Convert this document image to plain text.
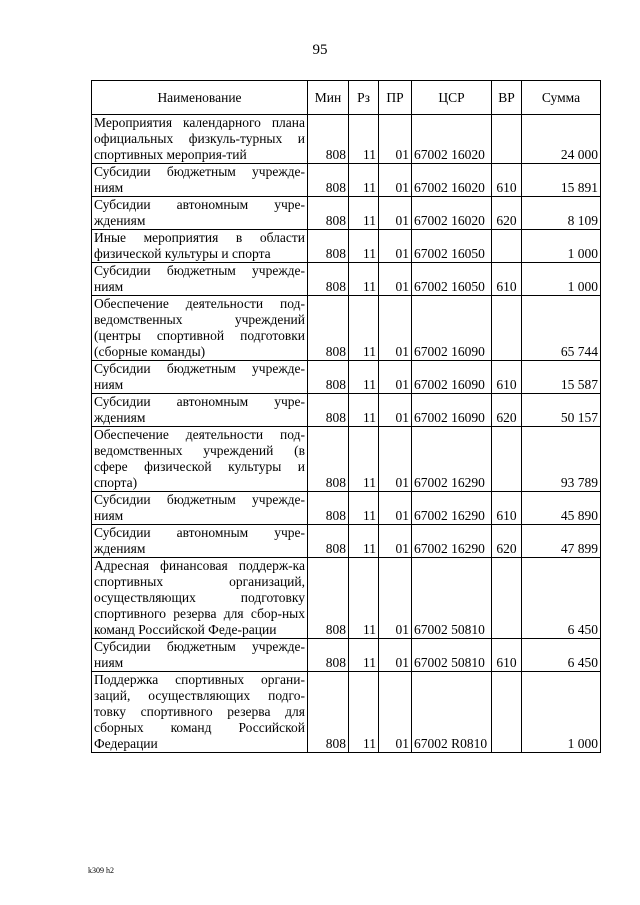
95
Наименование	Мин	Рз	ПР	ЦСР	ВР	Сумма
Мероприятия календарного плана официальных физкуль-турных и спортивных мероприя-тий	808	11	01	67002 16020		24 000
Субсидии бюджетным учрежде-ниям	808	11	01	67002 16020	610	15 891
Субсидии автономным учре-ждениям	808	11	01	67002 16020	620	8 109
Иные мероприятия в области физической культуры и спорта	808	11	01	67002 16050		1 000
Субсидии бюджетным учрежде-ниям	808	11	01	67002 16050	610	1 000
Обеспечение деятельности под-ведомственных учреждений (центры спортивной подготовки (сборные команды)	808	11	01	67002 16090		65 744
Субсидии бюджетным учрежде-ниям	808	11	01	67002 16090	610	15 587
Субсидии автономным учре-ждениям	808	11	01	67002 16090	620	50 157
Обеспечение деятельности под-ведомственных учреждений (в сфере физической культуры и спорта)	808	11	01	67002 16290		93 789
Субсидии бюджетным учрежде-ниям	808	11	01	67002 16290	610	45 890
Субсидии автономным учре-ждениям	808	11	01	67002 16290	620	47 899
Адресная финансовая поддерж-ка спортивных организаций, осуществляющих подготовку спортивного резерва для сбор-ных команд Российской Феде-рации	808	11	01	67002 50810		6 450
Субсидии бюджетным учрежде-ниям	808	11	01	67002 50810	610	6 450
Поддержка спортивных органи-заций, осуществляющих подго-товку спортивного резерва для сборных команд Российской Федерации	808	11	01	67002 R0810		1 000
k309 h2
